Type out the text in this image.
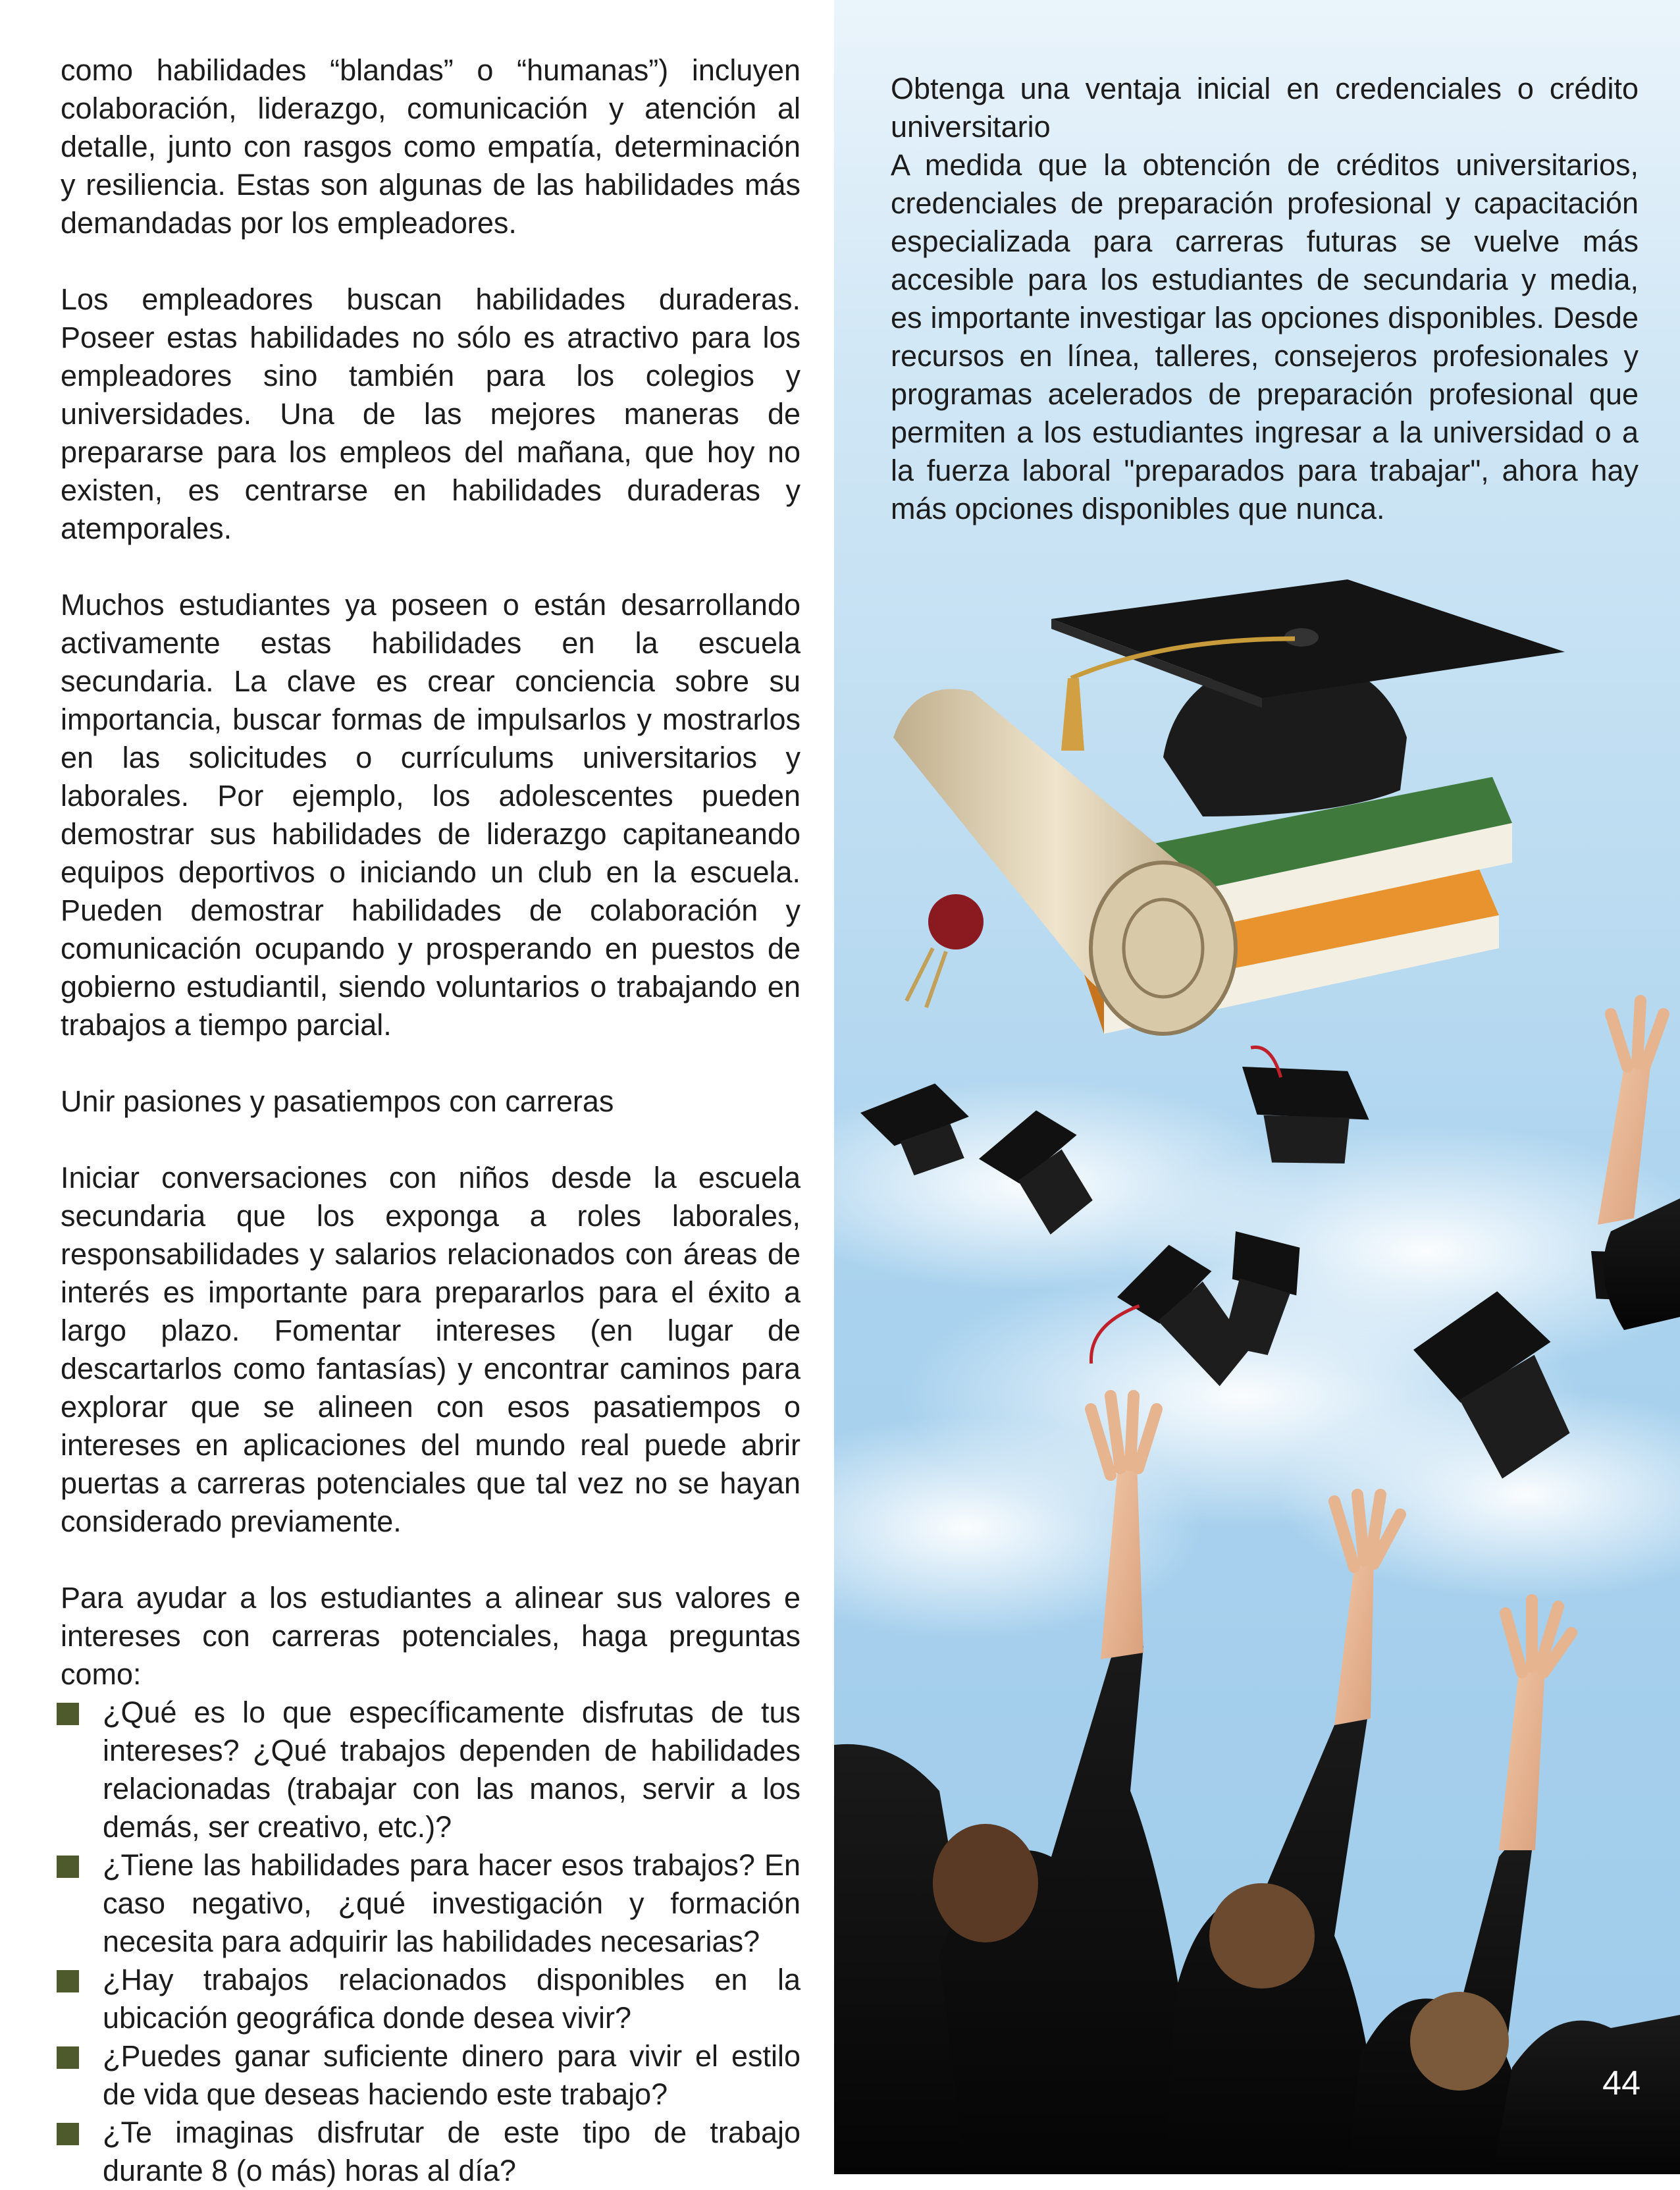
como habilidades “blandas” o “humanas”) incluyen colaboración, liderazgo, comunicación y atención al detalle, junto con rasgos como empatía, determinación y resiliencia. Estas son algunas de las habilidades más demandadas por los empleadores.

Los empleadores buscan habilidades duraderas. Poseer estas habilidades no sólo es atractivo para los empleadores sino también para los colegios y universidades. Una de las mejores maneras de prepararse para los empleos del mañana, que hoy no existen, es centrarse en habilidades duraderas y atemporales.

Muchos estudiantes ya poseen o están desarrollando activamente estas habilidades en la escuela secundaria. La clave es crear conciencia sobre su importancia, buscar formas de impulsarlos y mostrarlos en las solicitudes o currículums universitarios y laborales. Por ejemplo, los adolescentes pueden demostrar sus habilidades de liderazgo capitaneando equipos deportivos o iniciando un club en la escuela. Pueden demostrar habilidades de colaboración y comunicación ocupando y prosperando en puestos de gobierno estudiantil, siendo voluntarios o trabajando en trabajos a tiempo parcial.

Unir pasiones y pasatiempos con carreras

Iniciar conversaciones con niños desde la escuela secundaria que los exponga a roles laborales, responsabilidades y salarios relacionados con áreas de interés es importante para prepararlos para el éxito a largo plazo. Fomentar intereses (en lugar de descartarlos como fantasías) y encontrar caminos para explorar que se alineen con esos pasatiempos o intereses en aplicaciones del mundo real puede abrir puertas a carreras potenciales que tal vez no se hayan considerado previamente.

Para ayudar a los estudiantes a alinear sus valores e intereses con carreras potenciales, haga preguntas como:

¿Qué es lo que específicamente disfrutas de tus intereses? ¿Qué trabajos dependen de habilidades relacionadas (trabajar con las manos, servir a los demás, ser creativo, etc.)?
¿Tiene las habilidades para hacer esos trabajos? En caso negativo, ¿qué investigación y formación necesita para adquirir las habilidades necesarias?
¿Hay trabajos relacionados disponibles en la ubicación geográfica donde desea vivir?
¿Puedes ganar suficiente dinero para vivir el estilo de vida que deseas haciendo este trabajo?
¿Te imaginas disfrutar de este tipo de trabajo durante 8 (o más) horas al día?

Obtenga una ventaja inicial en credenciales o crédito universitario

A medida que la obtención de créditos universitarios, credenciales de preparación profesional y capacitación especializada para carreras futuras se vuelve más accesible para los estudiantes de secundaria y media, es importante investigar las opciones disponibles. Desde recursos en línea, talleres, consejeros profesionales y programas acelerados de preparación profesional que permiten a los estudiantes ingresar a la universidad o a la fuerza laboral "preparados para trabajar", ahora hay más opciones disponibles que nunca.

44
